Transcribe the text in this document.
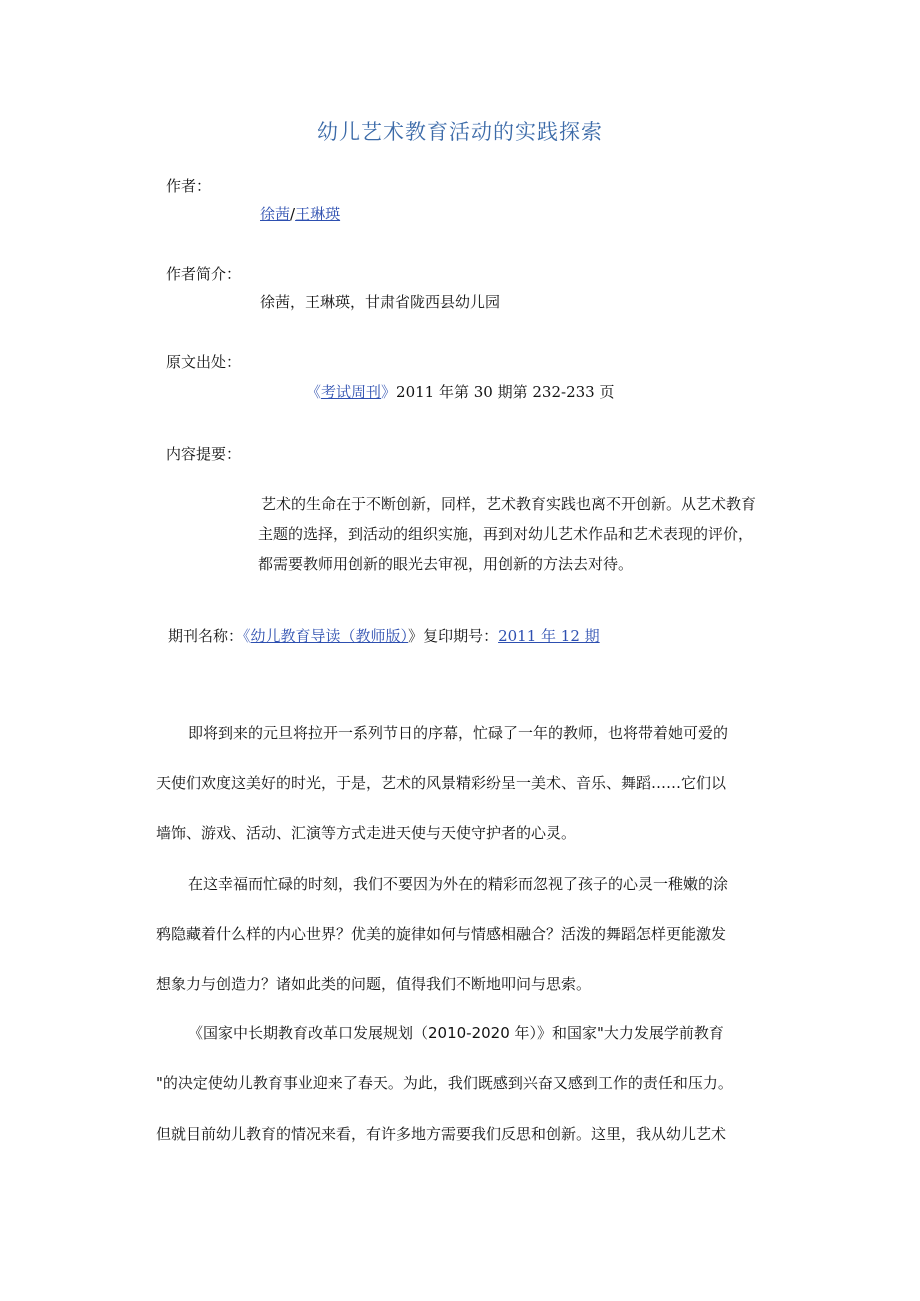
幼儿艺术教育活动的实践探索
作者：
徐茜/王琳瑛
作者简介：
徐茜，王琳瑛，甘肃省陇西县幼儿园
原文出处：
《考试周刊》2011 年第 30 期第 232-233 页
内容提要：
艺术的生命在于不断创新，同样，艺术教育实践也离不开创新。从艺术教育主题的选择，到活动的组织实施，再到对幼儿艺术作品和艺术表现的评价，都需要教师用创新的眼光去审视，用创新的方法去对待。
期刊名称：《幼儿教育导读（教师版）》复印期号：2011 年 12 期
即将到来的元旦将拉开一系列节日的序幕，忙碌了一年的教师，也将带着她可爱的
天使们欢度这美好的时光，于是，艺术的风景精彩纷呈一美术、音乐、舞蹈……它们以
墙饰、游戏、活动、汇演等方式走进天使与天使守护者的心灵。
在这幸福而忙碌的时刻，我们不要因为外在的精彩而忽视了孩子的心灵一稚嫩的涂
鸦隐藏着什么样的内心世界？优美的旋律如何与情感相融合？活泼的舞蹈怎样更能激发
想象力与创造力？诸如此类的问题，值得我们不断地叩问与思索。
《国家中长期教育改革口发展规划（2010-2020 年）》和国家"大力发展学前教育
"的决定使幼儿教育事业迎来了春天。为此，我们既感到兴奋又感到工作的责任和压力。
但就目前幼儿教育的情况来看，有许多地方需要我们反思和创新。这里，我从幼儿艺术
